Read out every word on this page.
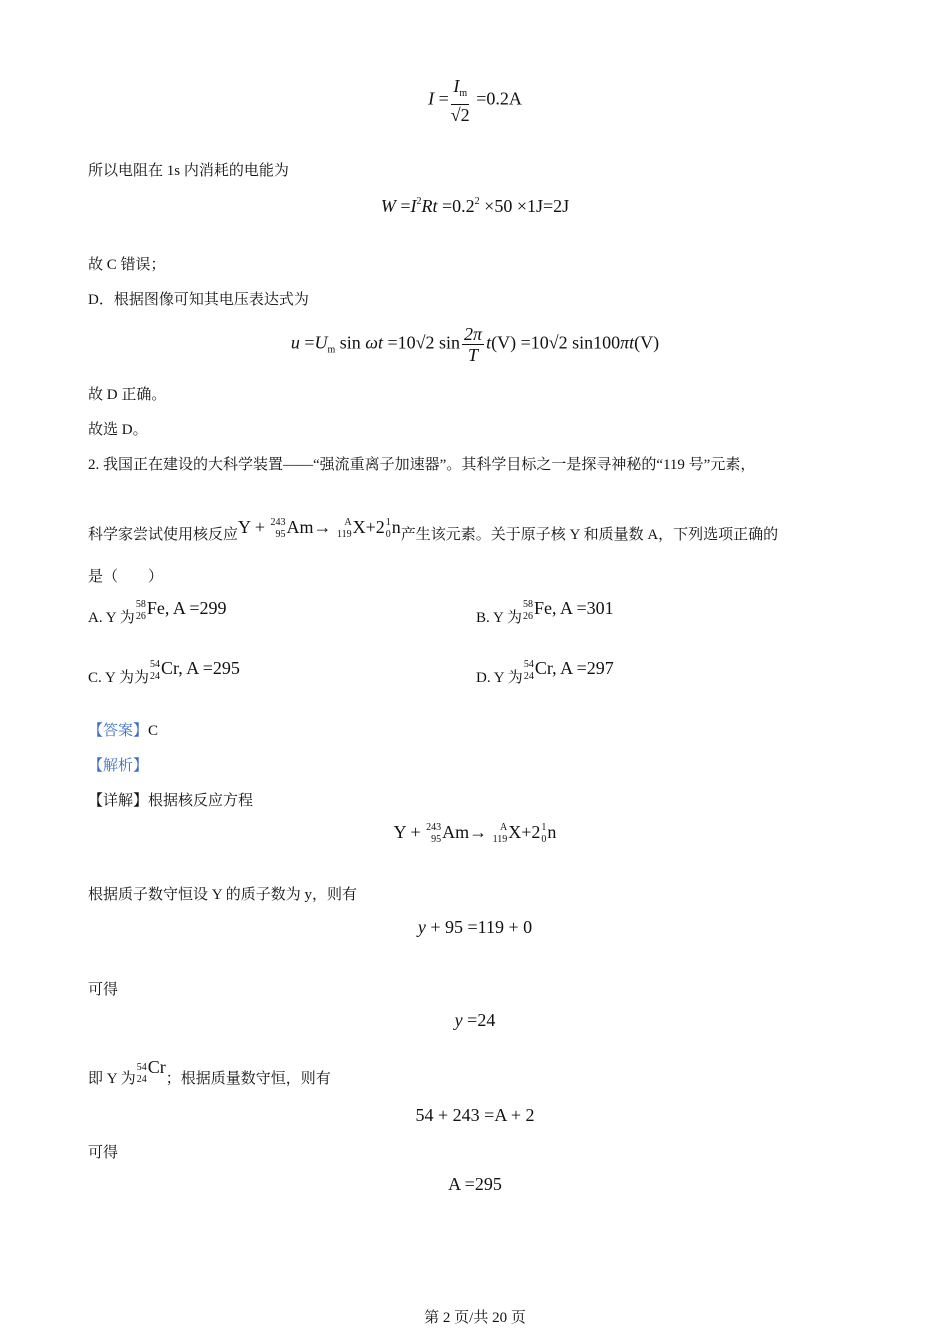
$I = \frac{I_m}{√2} =0.2A$
所以电阻在 1s 内消耗的电能为
$W =I^2Rt =0.2^2 \times 50 \times 1J=2J$
故 C 错误；
D．根据图像可知其电压表达式为
$u =U_m$ sin ωt =10√2 $\sin \frac{2\pi}{T} t(V) =10√2$ sin100πt(V)
故 D 正确。
故选 D。
2. 我国正在建设的大科学装置——“强流重离子加速器”。其科学目标之一是探寻神秘的“119 号”元素，
科学家尝试使用核反应Y + 243
95 Am→ A
119 X+2 1
0 n产生该元素。关于原子核 Y 和质量数 A，下列选项正确的
是（　　）
A. Y 为
58
26 Fe, A =299	B. Y 为
58
26 Fe, A =301
C. Y 为为
54
24 Cr, A =295	D. Y 为
54
24 Cr, A =297
【答案】C
【解析】
【详解】根据核反应方程
Y + 243
95 Am→ A
119 X+2 1
0 n
根据质子数守恒设 Y 的质子数为 y，则有
y + 95 =119 + 0
可得
y =24
即 Y 为
54
24
Cr；根据质量数守恒，则有
54 + 243 =A + 2
可得
A =295
第 2 页/共 20 页
